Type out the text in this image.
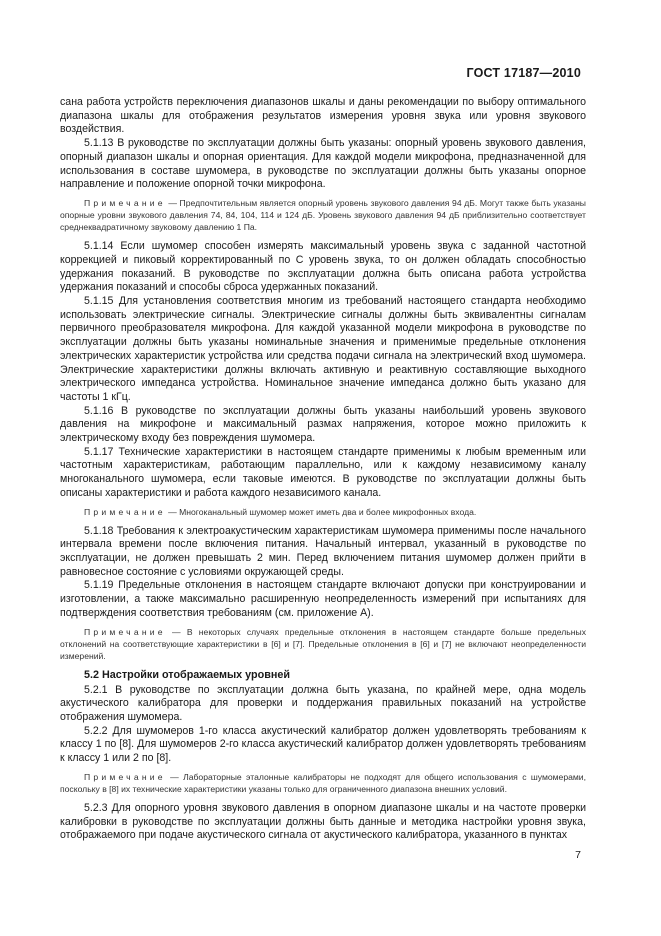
ГОСТ 17187—2010

сана работа устройств переключения диапазонов шкалы и даны рекомендации по выбору оптимального диапазона шкалы для отображения результатов измерения уровня звука или уровня звукового воздействия.

5.1.13 В руководстве по эксплуатации должны быть указаны: опорный уровень звукового давления, опорный диапазон шкалы и опорная ориентация. Для каждой модели микрофона, предназначенной для использования в составе шумомера, в руководстве по эксплуатации должны быть указаны опорное направление и положение опорной точки микрофона.

Примечание — Предпочтительным является опорный уровень звукового давления 94 дБ. Могут также быть указаны опорные уровни звукового давления 74, 84, 104, 114 и 124 дБ. Уровень звукового давления 94 дБ приблизительно соответствует среднеквадратичному звуковому давлению 1 Па.

5.1.14 Если шумомер способен измерять максимальный уровень звука с заданной частотной коррекцией и пиковый корректированный по C уровень звука, то он должен обладать способностью удержания показаний. В руководстве по эксплуатации должна быть описана работа устройства удержания показаний и способы сброса удержанных показаний.

5.1.15 Для установления соответствия многим из требований настоящего стандарта необходимо использовать электрические сигналы. Электрические сигналы должны быть эквивалентны сигналам первичного преобразователя микрофона. Для каждой указанной модели микрофона в руководстве по эксплуатации должны быть указаны номинальные значения и применимые предельные отклонения электрических характеристик устройства или средства подачи сигнала на электрический вход шумомера. Электрические характеристики должны включать активную и реактивную составляющие выходного электрического импеданса устройства. Номинальное значение импеданса должно быть указано для частоты 1 кГц.

5.1.16 В руководстве по эксплуатации должны быть указаны наибольший уровень звукового давления на микрофоне и максимальный размах напряжения, которое можно приложить к электрическому входу без повреждения шумомера.

5.1.17 Технические характеристики в настоящем стандарте применимы к любым временным или частотным характеристикам, работающим параллельно, или к каждому независимому каналу многоканального шумомера, если таковые имеются. В руководстве по эксплуатации должны быть описаны характеристики и работа каждого независимого канала.

Примечание — Многоканальный шумомер может иметь два и более микрофонных входа.

5.1.18 Требования к электроакустическим характеристикам шумомера применимы после начального интервала времени после включения питания. Начальный интервал, указанный в руководстве по эксплуатации, не должен превышать 2 мин. Перед включением питания шумомер должен прийти в равновесное состояние с условиями окружающей среды.

5.1.19 Предельные отклонения в настоящем стандарте включают допуски при конструировании и изготовлении, а также максимально расширенную неопределенность измерений при испытаниях для подтверждения соответствия требованиям (см. приложение А).

Примечание — В некоторых случаях предельные отклонения в настоящем стандарте больше предельных отклонений на соответствующие характеристики в [6] и [7]. Предельные отклонения в [6] и [7] не включают неопределенности измерений.

5.2 Настройки отображаемых уровней

5.2.1 В руководстве по эксплуатации должна быть указана, по крайней мере, одна модель акустического калибратора для проверки и поддержания правильных показаний на устройстве отображения шумомера.

5.2.2 Для шумомеров 1-го класса акустический калибратор должен удовлетворять требованиям к классу 1 по [8]. Для шумомеров 2-го класса акустический калибратор должен удовлетворять требованиям к классу 1 или 2 по [8].

Примечание — Лабораторные эталонные калибраторы не подходят для общего использования с шумомерами, поскольку в [8] их технические характеристики указаны только для ограниченного диапазона внешних условий.

5.2.3 Для опорного уровня звукового давления в опорном диапазоне шкалы и на частоте проверки калибровки в руководстве по эксплуатации должны быть данные и методика настройки уровня звука, отображаемого при подаче акустического сигнала от акустического калибратора, указанного в пунктах

7
